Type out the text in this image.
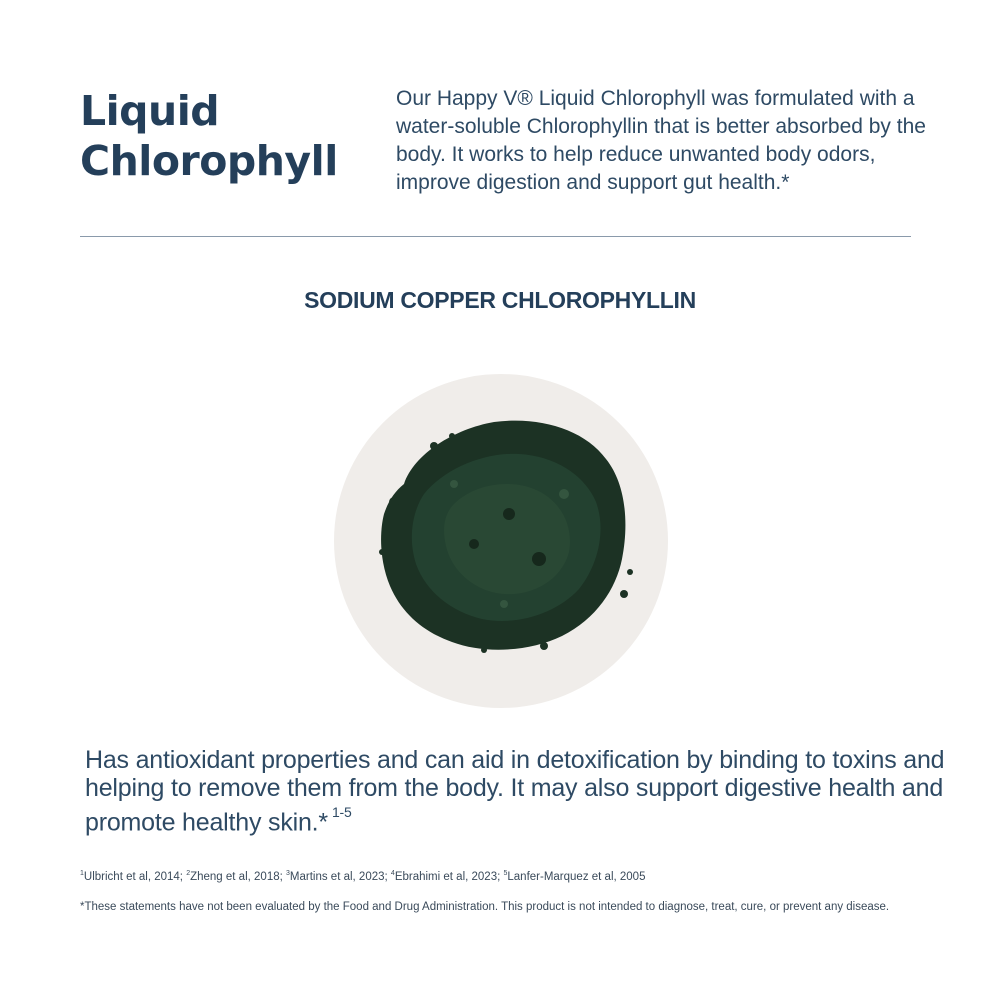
Liquid
Chlorophyll

Our Happy V® Liquid Chlorophyll was formulated with a water-soluble Chlorophyllin that is better absorbed by the body. It works to help reduce unwanted body odors, improve digestion and support gut health.*

SODIUM COPPER CHLOROPHYLLIN

Has antioxidant properties and can aid in detoxification by binding to toxins and helping to remove them from the body. It may also support digestive health and promote healthy skin.* $^{1-5}$

$^1$Ulbricht et al, 2014; $^2$Zheng et al, 2018; $^3$Martins et al, 2023; $^4$Ebrahimi et al, 2023; $^5$Lanfer-Marquez et al, 2005

*These statements have not been evaluated by the Food and Drug Administration. This product is not intended to diagnose, treat, cure, or prevent any disease.
